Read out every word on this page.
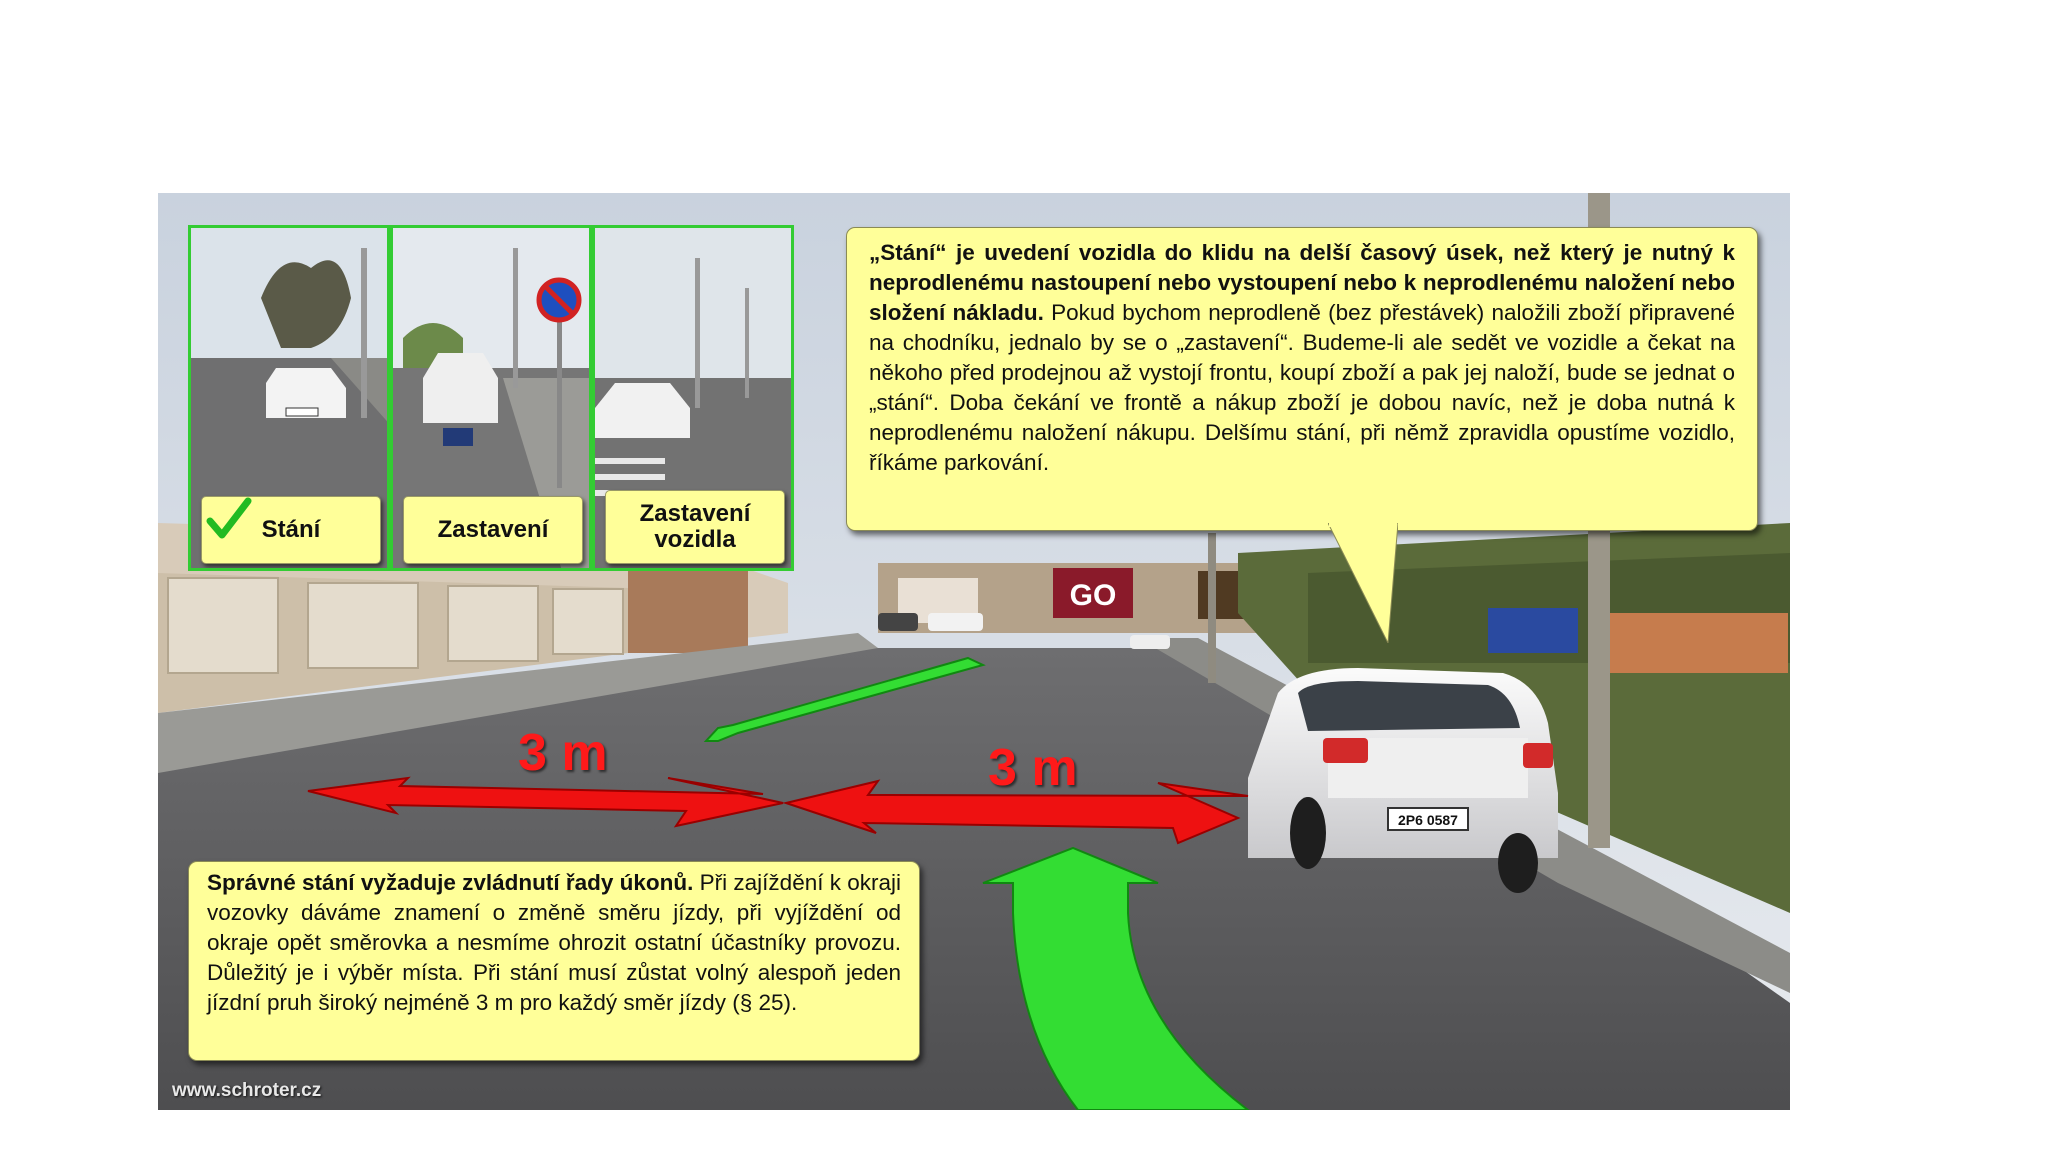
GO
2P6 0587
Stání	Zastavení
Zastavení
vozidla
„Stání“ je uvedení vozidla do klidu na delší časový úsek, než který je nutný k neprodlenému nastoupení nebo vystoupení nebo k neprodlenému naložení nebo složení nákladu. Pokud bychom neprodleně (bez přestávek) naložili zboží připravené na chodníku, jednalo by se o „zastavení“. Budeme-li ale sedět ve vozidle a čekat na někoho před prodejnou až vystojí frontu, koupí zboží a pak jej naloží, bude se jednat o „stání“. Doba čekání ve frontě a nákup zboží je dobou navíc, než je doba nutná k neprodlenému naložení nákupu. Delšímu stání, při němž zpravidla opustíme vozidlo, říkáme parkování.
Správné stání vyžaduje zvládnutí řady úkonů. Při zajíždění k okraji vozovky dáváme znamení o změně směru jízdy, při vyjíždění od okraje opět směrovka a nesmíme ohrozit ostatní účastníky provozu. Důležitý je i výběr místa. Při stání musí zůstat volný alespoň jeden jízdní pruh široký nejméně 3 m pro každý směr jízdy (§ 25).
3 m	3 m
www.schroter.cz
